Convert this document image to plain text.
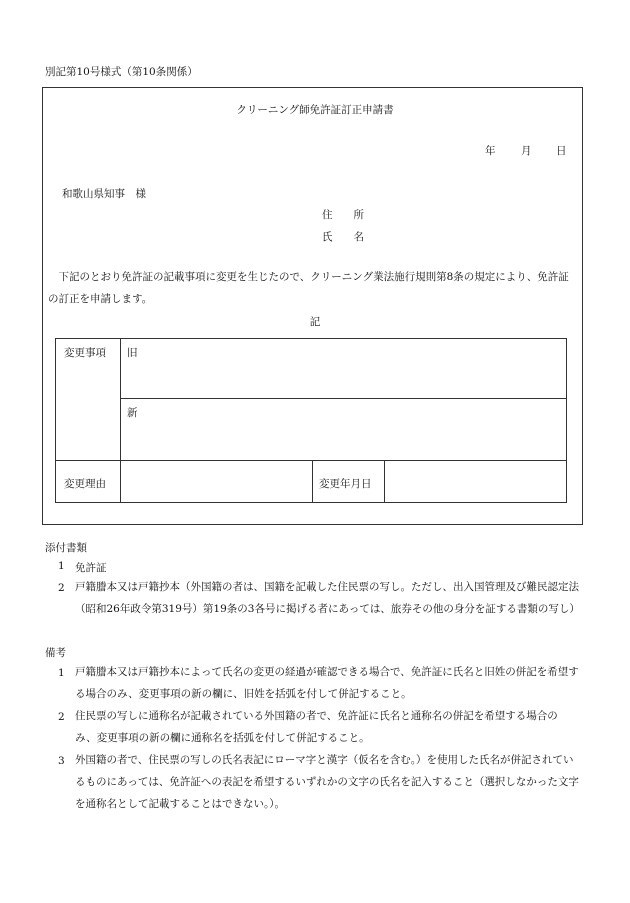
別記第10号様式（第10条関係）
クリーニング師免許証訂正申請書
年 月 日
和歌山県知事　様
住　　所
氏　　名
下記のとおり免許証の記載事項に変更を生じたので、クリーニング業法施行規則第8条の規定により、免許証の訂正を申請します。
記
変更事項 旧
新
変更理由	変更年月日
添付書類
1 免許証
2 戸籍謄本又は戸籍抄本（外国籍の者は、国籍を記載した住民票の写し。ただし、出入国管理及び難民認定法（昭和26年政令第319号）第19条の3各号に掲げる者にあっては、旅券その他の身分を証する書類の写し）
備考
1 戸籍謄本又は戸籍抄本によって氏名の変更の経過が確認できる場合で、免許証に氏名と旧姓の併記を希望する場合のみ、変更事項の新の欄に、旧姓を括弧を付して併記すること。
2 住民票の写しに通称名が記載されている外国籍の者で、免許証に氏名と通称名の併記を希望する場合のみ、変更事項の新の欄に通称名を括弧を付して併記すること。
3 外国籍の者で、住民票の写しの氏名表記にローマ字と漢字（仮名を含む。）を使用した氏名が併記されているものにあっては、免許証への表記を希望するいずれかの文字の氏名を記入すること（選択しなかった文字を通称名として記載することはできない。）。
